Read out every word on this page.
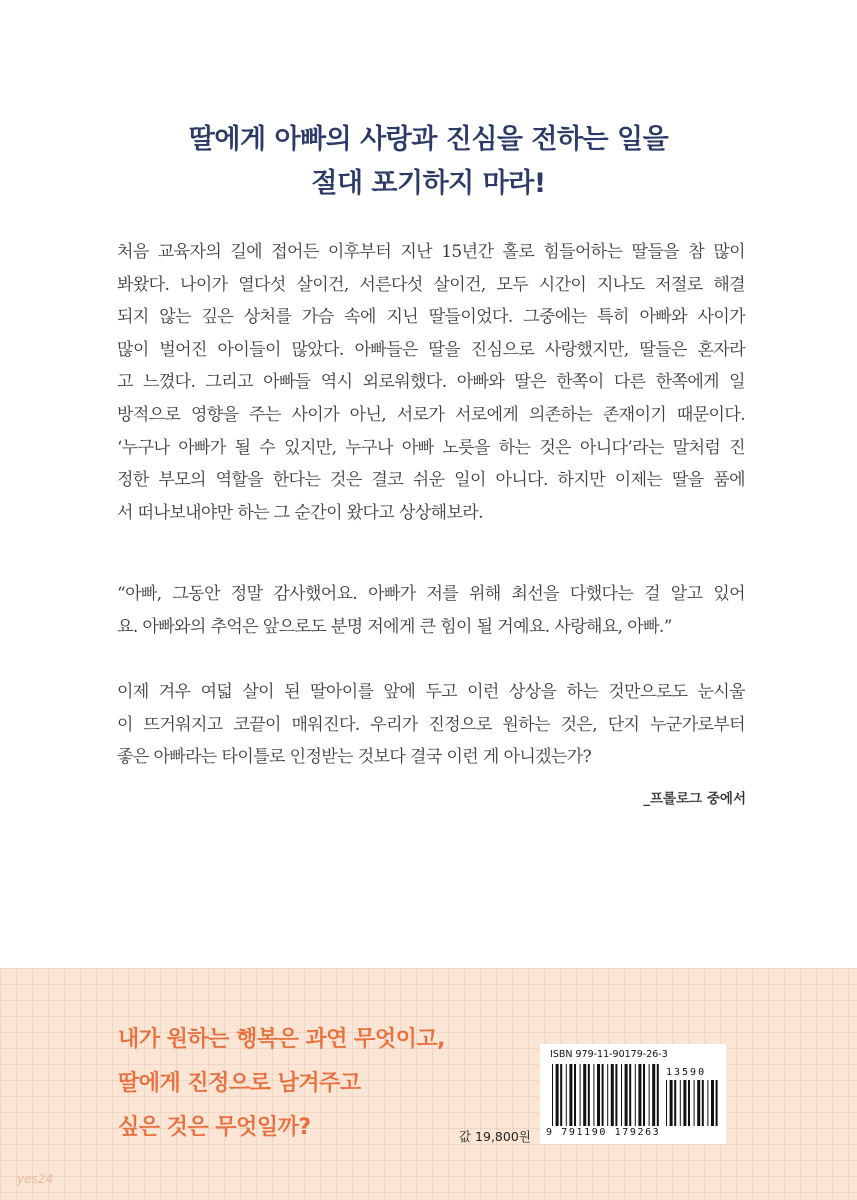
딸에게 아빠의 사랑과 진심을 전하는 일을
절대 포기하지 마라!
처음 교육자의 길에 접어든 이후부터 지난 15년간 홀로 힘들어하는 딸들을 참 많이
봐왔다. 나이가 열다섯 살이건, 서른다섯 살이건, 모두 시간이 지나도 저절로 해결
되지 않는 깊은 상처를 가슴 속에 지닌 딸들이었다. 그중에는 특히 아빠와 사이가
많이 벌어진 아이들이 많았다. 아빠들은 딸을 진심으로 사랑했지만, 딸들은 혼자라
고 느꼈다. 그리고 아빠들 역시 외로워했다. 아빠와 딸은 한쪽이 다른 한쪽에게 일
방적으로 영향을 주는 사이가 아닌, 서로가 서로에게 의존하는 존재이기 때문이다.
‘누구나 아빠가 될 수 있지만, 누구나 아빠 노릇을 하는 것은 아니다’라는 말처럼 진
정한 부모의 역할을 한다는 것은 결코 쉬운 일이 아니다. 하지만 이제는 딸을 품에
서 떠나보내야만 하는 그 순간이 왔다고 상상해보라.
“아빠, 그동안 정말 감사했어요. 아빠가 저를 위해 최선을 다했다는 걸 알고 있어
요. 아빠와의 추억은 앞으로도 분명 저에게 큰 힘이 될 거예요. 사랑해요, 아빠.”
이제 겨우 여덟 살이 된 딸아이를 앞에 두고 이런 상상을 하는 것만으로도 눈시울
이 뜨거워지고 코끝이 매워진다. 우리가 진정으로 원하는 것은, 단지 누군가로부터
좋은 아빠라는 타이틀로 인정받는 것보다 결국 이런 게 아니겠는가?
_프롤로그 중에서
내가 원하는 행복은 과연 무엇이고,
딸에게 진정으로 남겨주고
싶은 것은 무엇일까?
ISBN 979-11-90179-26-3
13590
9 791190 179263
값 19,800원
yes24
